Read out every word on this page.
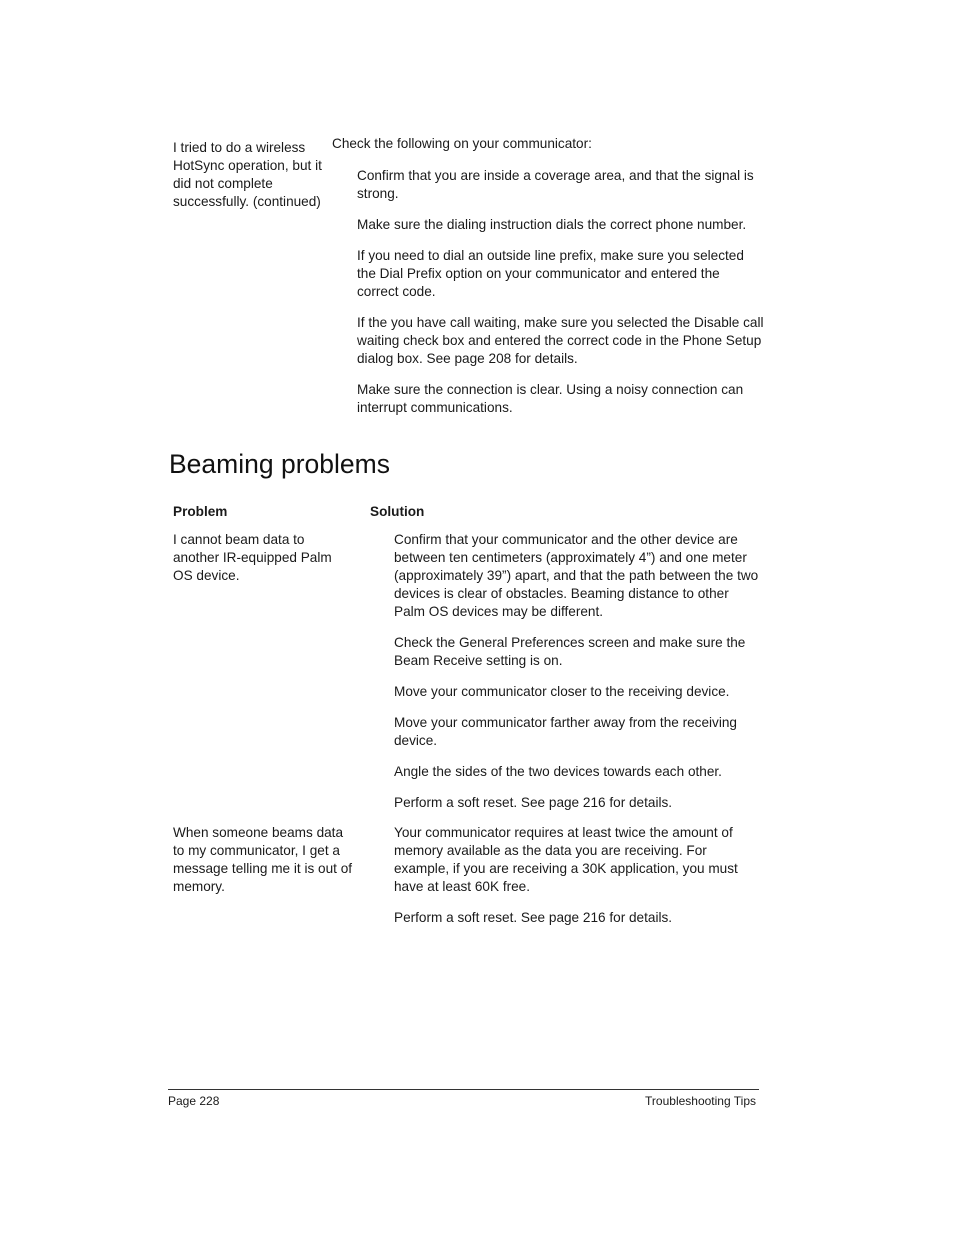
I tried to do a wireless HotSync operation, but it did not complete successfully. (continued)

Check the following on your communicator:

Confirm that you are inside a coverage area, and that the signal is strong.

Make sure the dialing instruction dials the correct phone number.

If you need to dial an outside line prefix, make sure you selected the Dial Prefix option on your communicator and entered the correct code.

If the you have call waiting, make sure you selected the Disable call waiting check box and entered the correct code in the Phone Setup dialog box. See page 208 for details.

Make sure the connection is clear. Using a noisy connection can interrupt communications.

Beaming problems

Problem	Solution

I cannot beam data to another IR-equipped Palm OS device.

Confirm that your communicator and the other device are between ten centimeters (approximately 4”) and one meter (approximately 39”) apart, and that the path between the two devices is clear of obstacles. Beaming distance to other Palm OS devices may be different.

Check the General Preferences screen and make sure the Beam Receive setting is on.

Move your communicator closer to the receiving device.

Move your communicator farther away from the receiving device.

Angle the sides of the two devices towards each other.

Perform a soft reset. See page 216 for details.

When someone beams data to my communicator, I get a message telling me it is out of memory.

Your communicator requires at least twice the amount of memory available as the data you are receiving. For example, if you are receiving a 30K application, you must have at least 60K free.

Perform a soft reset. See page 216 for details.

Page 228	Troubleshooting Tips
